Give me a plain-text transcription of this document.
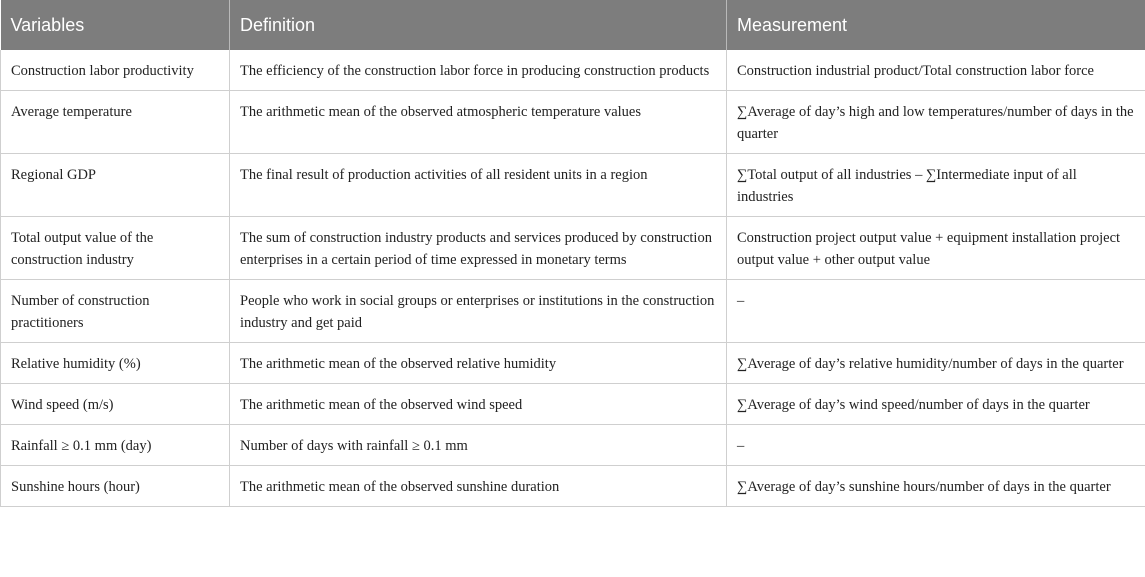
Variables	Definition	Measurement
Construction labor productivity	The efficiency of the construction labor force in producing construction products	Construction industrial product/Total construction labor force
Average temperature	The arithmetic mean of the observed atmospheric temperature values	∑Average of day’s high and low temperatures/number of days in the quarter
Regional GDP	The final result of production activities of all resident units in a region	∑Total output of all industries – ∑Intermediate input of all industries
Total output value of the construction industry	The sum of construction industry products and services produced by construction enterprises in a certain period of time expressed in monetary terms	Construction project output value + equipment installation project output value + other output value
Number of construction practitioners	People who work in social groups or enterprises or institutions in the construction industry and get paid	–
Relative humidity (%)	The arithmetic mean of the observed relative humidity	∑Average of day’s relative humidity/number of days in the quarter
Wind speed (m/s)	The arithmetic mean of the observed wind speed	∑Average of day’s wind speed/number of days in the quarter
Rainfall ≥ 0.1 mm (day)	Number of days with rainfall ≥ 0.1 mm	–
Sunshine hours (hour)	The arithmetic mean of the observed sunshine duration	∑Average of day’s sunshine hours/number of days in the quarter
